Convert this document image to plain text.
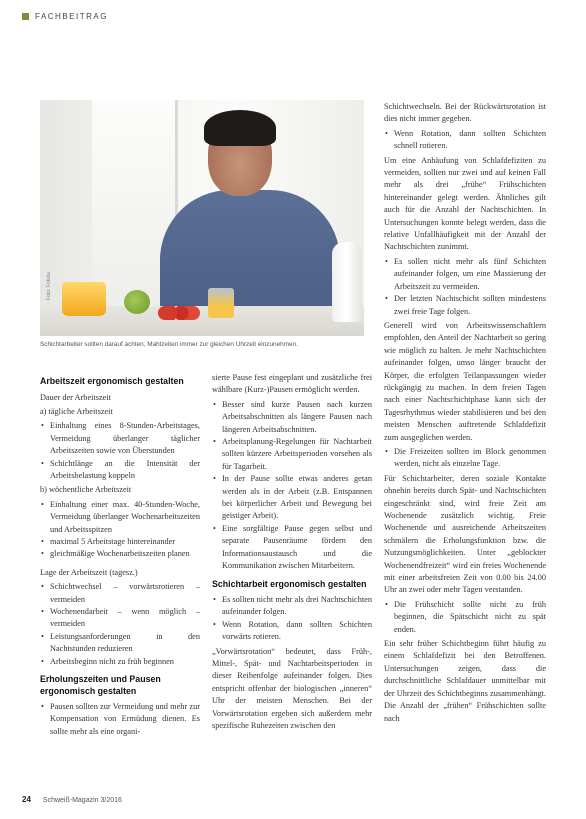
FACHBEITRAG
Foto: Fotolia
Schichtarbeiter sollten darauf achten, Mahlzeiten immer zur gleichen Uhrzeit einzunehmen.
Arbeitszeit ergonomisch gestalten

Dauer der Arbeitszeit

a) tägliche Arbeitszeit

• Einhaltung eines 8-Stunden-Arbeitstages, Vermeidung überlanger täglicher Arbeitszeiten sowie von Überstunden
• Schichtlänge an die Intensität der Arbeitsbelastung koppeln

b) wöchentliche Arbeitszeit

• Einhaltung einer max. 40-Stunden-Woche, Vermeidung überlanger Wochenarbeitszeiten und Arbeitsspitzen
• maximal 5 Arbeitstage hintereinander
• gleichmäßige Wochenarbeitszeiten planen

Lage der Arbeitszeit (tagesz.)

• Schichtwechsel – vorwärtsrotieren – vermeiden
• Wochenendarbeit – wenn möglich – vermeiden
• Leistungsanforderungen in den Nachtstunden reduzieren
• Arbeitsbeginn nicht zu früh beginnen
Erholungszeiten und Pausen ergonomisch gestalten
• Pausen sollten zur Vermeidung und mehr zur Kompensation von Ermüdung dienen. Es sollte mehr als eine organi-

sierte Pause fest eingeplant und zusätzliche frei wählbare (Kurz-)Pausen ermöglicht werden.

• Besser sind kurze Pausen nach kurzen Arbeitsabschnitten als längere Pausen nach längeren Arbeitsabschnitten.
• Arbeitsplanung-Regelungen für Nachtarbeit sollten kürzere Arbeitsperioden vorsehen als für Tagarbeit.
• In der Pause sollte etwas anderes getan werden als in der Arbeit (z.B. Entspannen bei körperlicher Arbeit und Bewegung bei geistiger Arbeit).
• Eine sorgfältige Pause gegen selbst und separate Pausenräume fördern den Informationsaustausch und die Kommunikation zwischen Mitarbeitern.
Schichtarbeit ergonomisch gestalten
• Es sollten nicht mehr als drei Nachtschichten aufeinander folgen.
• Wenn Rotation, dann sollten Schichten vorwärts rotieren.

„Vorwärtsrotation“ bedeutet, dass Früh-, Mittel-, Spät- und Nachtarbeitsperioden in dieser Reihenfolge aufeinander folgen. Dies entspricht offenbar der biologischen „inneren“ Uhr der meisten Menschen. Bei der Vorwärtsrotation ergeben sich außerdem mehr spezifische Ruhezeiten zwischen den

Schichtwechseln. Bei der Rückwärtsrotation ist dies nicht immer gegeben.

• Wenn Rotation, dann sollten Schichten schnell rotieren.

Um eine Anhäufung von Schlafdefiziten zu vermeiden, sollten nur zwei und auf keinen Fall mehr als drei „frühe“ Frühschichten hintereinander gelegt werden. Ähnliches gilt auch für die Anzahl der Nachtschichten. In Untersuchungen konnte belegt werden, dass die relative Unfallhäufigkeit mit der Anzahl der Nachtschichten zunimmt.

• Es sollen nicht mehr als fünf Schichten aufeinander folgen, um eine Massierung der Arbeitszeit zu vermeiden.
• Der letzten Nachtschicht sollten mindestens zwei freie Tage folgen.

Generell wird von Arbeitswissenschaftlern empfohlen, den Anteil der Nachtarbeit so gering wie möglich zu halten. Je mehr Nachtschichten aufeinander folgen, umso länger braucht der Körper, die erfolgten Teilanpassungen wieder rückgängig zu machen. In dem freien Tagen nach einer Nachtschichtphase kann sich der Tagesrhythmus wieder stabilisieren und bei den meisten Menschen auftretende Schlafdefizit zum ausgeglichen werden.

• Die Freizeiten sollten im Block genommen werden, nicht als einzelne Tage.

Für Schichtarbeiter, deren soziale Kontakte ohnehin bereits durch Spät- und Nachtschichten eingeschränkt sind, wird freie Zeit am Wochenende zusätzlich wichtig. Freie Wochenende und ausreichende Arbeitszeiten schmälern die Erholungsfunktion bzw. die Nutzungsmöglichkeiten. Unter „geblockter Wochenendfreizeit“ wird ein freies Wochenende mit einer arbeitsfreien Zeit von 0.00 bis 24.00 Uhr an zwei oder mehr Tagen verstanden.

• Die Frühschicht sollte nicht zu früh beginnen, die Spätschicht nicht zu spät enden.

Ein sehr früher Schichtbeginn führt häufig zu einem Schlafdefizit bei den Betroffenen. Untersuchungen zeigen, dass die durchschnittliche Schlafdauer unmittelbar mit der Uhrzeit des Schichtbeginns zusammenhängt. Die Anzahl der „frühen“ Frühschichten sollte nach

24 Schweiß-Magazin 3/2016
